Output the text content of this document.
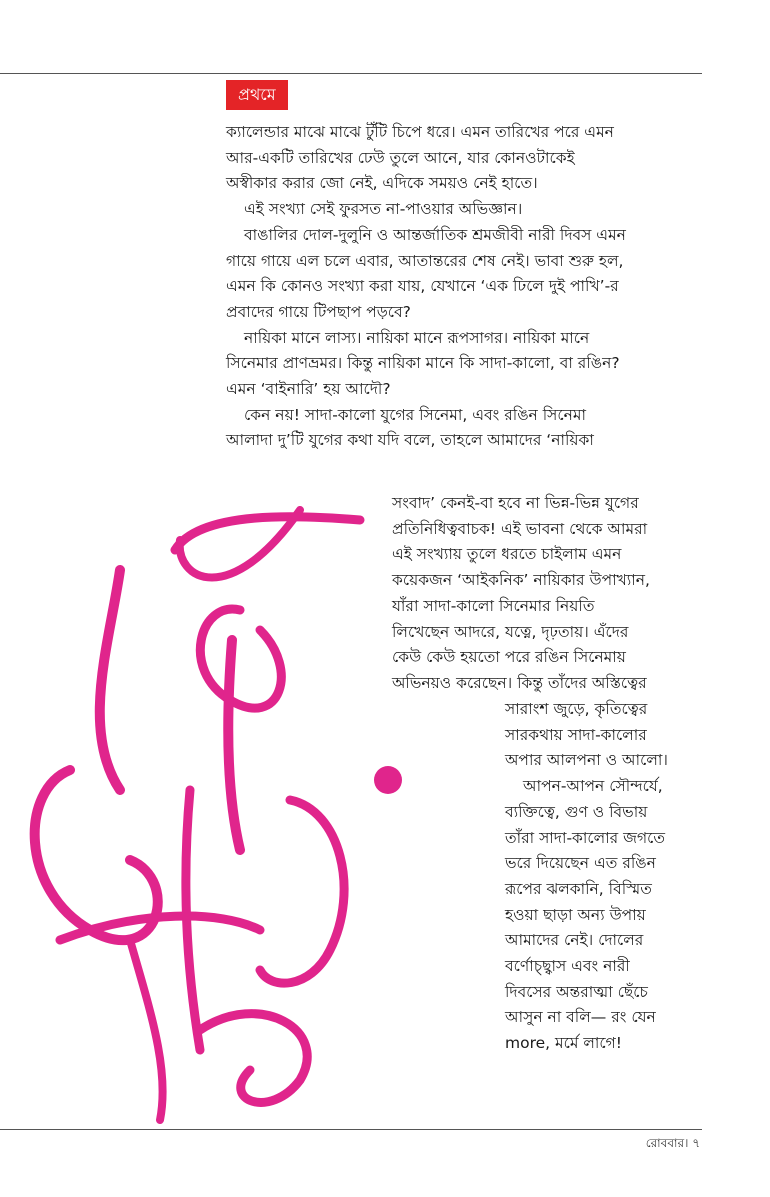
প্রথমে
ক্যালেন্ডার মাঝে মাঝে টুঁটি চিপে ধরে। এমন তারিখের পরে এমন
আর-একটি তারিখের ঢেউ তুলে আনে, যার কোনওটাকেই
অস্বীকার করার জো নেই, এদিকে সময়ও নেই হাতে।
এই সংখ্যা সেই ফুরসত না-পাওয়ার অভিজ্ঞান।
বাঙালির দোল-দুলুনি ও আন্তর্জাতিক শ্রমজীবী নারী দিবস এমন
গায়ে গায়ে এল চলে এবার, আতান্তরের শেষ নেই। ভাবা শুরু হল,
এমন কি কোনও সংখ্যা করা যায়, যেখানে ‘এক ঢিলে দুই পাখি’-র
প্রবাদের গায়ে টিপছাপ পড়বে?
নায়িকা মানে লাস্য। নায়িকা মানে রূপসাগর। নায়িকা মানে
সিনেমার প্রাণভ্রমর। কিন্তু নায়িকা মানে কি সাদা-কালো, বা রঙিন?
এমন ‘বাইনারি’ হয় আদৌ?
কেন নয়! সাদা-কালো যুগের সিনেমা, এবং রঙিন সিনেমা
আলাদা দু’টি যুগের কথা যদি বলে, তাহলে আমাদের ‘নায়িকা
সংবাদ’ কেনই-বা হবে না ভিন্ন-ভিন্ন যুগের
প্রতিনিধিত্ববাচক! এই ভাবনা থেকে আমরা
এই সংখ্যায় তুলে ধরতে চাইলাম এমন
কয়েকজন ‘আইকনিক’ নায়িকার উপাখ্যান,
যাঁরা সাদা-কালো সিনেমার নিয়তি
লিখেছেন আদরে, যত্নে, দৃঢ়তায়। এঁদের
কেউ কেউ হয়তো পরে রঙিন সিনেমায়
অভিনয়ও করেছেন। কিন্তু তাঁদের অস্তিত্বের
সারাংশ জুড়ে, কৃতিত্বের
সারকথায় সাদা-কালোর
অপার আলপনা ও আলো।
আপন-আপন সৌন্দর্যে,
ব্যক্তিত্বে, গুণ ও বিভায়
তাঁরা সাদা-কালোর জগতে
ভরে দিয়েছেন এত রঙিন
রূপের ঝলকানি, বিস্মিত
হওয়া ছাড়া অন্য উপায়
আমাদের নেই। দোলের
বর্ণোচ্ছ্বাস এবং নারী
দিবসের অন্তরাত্মা ছেঁচে
আসুন না বলি— রং যেন
more, মর্মে লাগে!
রোববার। ৭
